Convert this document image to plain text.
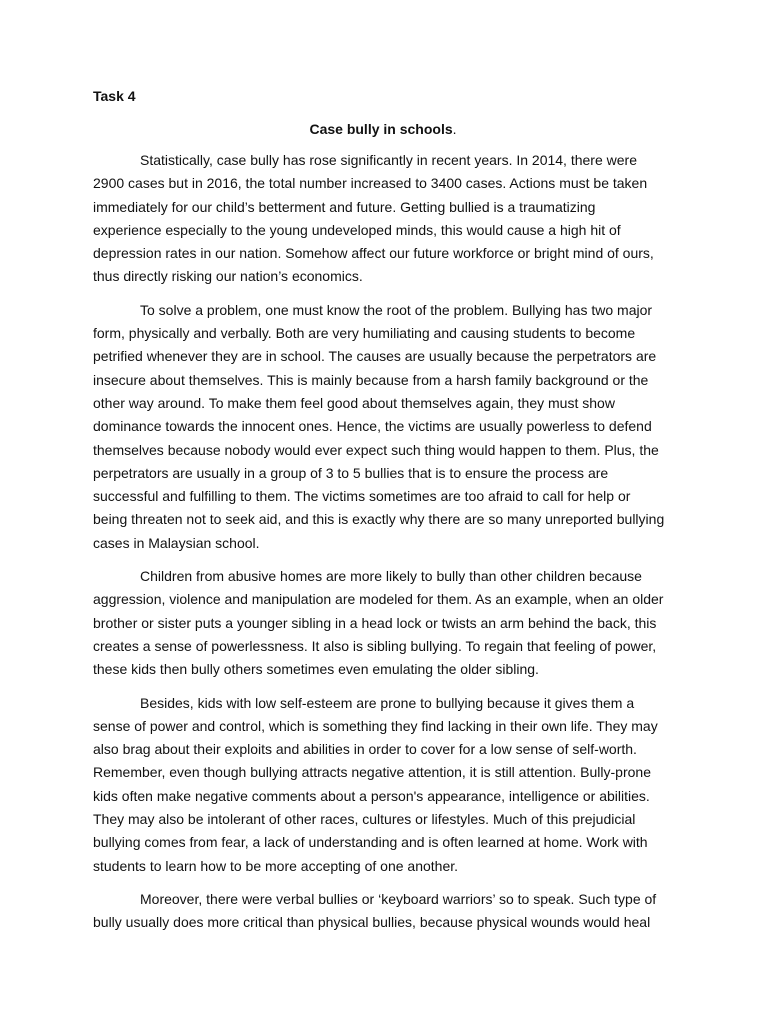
Task 4

Case bully in schools.

Statistically, case bully has rose significantly in recent years. In 2014, there were
2900 cases but in 2016, the total number increased to 3400 cases. Actions must be taken
immediately for our child’s betterment and future. Getting bullied is a traumatizing
experience especially to the young undeveloped minds, this would cause a high hit of
depression rates in our nation. Somehow affect our future workforce or bright mind of ours,
thus directly risking our nation’s economics.

To solve a problem, one must know the root of the problem. Bullying has two major
form, physically and verbally. Both are very humiliating and causing students to become
petrified whenever they are in school. The causes are usually because the perpetrators are
insecure about themselves. This is mainly because from a harsh family background or the
other way around. To make them feel good about themselves again, they must show
dominance towards the innocent ones. Hence, the victims are usually powerless to defend
themselves because nobody would ever expect such thing would happen to them. Plus, the
perpetrators are usually in a group of 3 to 5 bullies that is to ensure the process are
successful and fulfilling to them. The victims sometimes are too afraid to call for help or
being threaten not to seek aid, and this is exactly why there are so many unreported bullying
cases in Malaysian school.

Children from abusive homes are more likely to bully than other children because
aggression, violence and manipulation are modeled for them. As an example, when an older
brother or sister puts a younger sibling in a head lock or twists an arm behind the back, this
creates a sense of powerlessness. It also is sibling bullying. To regain that feeling of power,
these kids then bully others sometimes even emulating the older sibling.

Besides, kids with low self-esteem are prone to bullying because it gives them a
sense of power and control, which is something they find lacking in their own life. They may
also brag about their exploits and abilities in order to cover for a low sense of self-worth.
Remember, even though bullying attracts negative attention, it is still attention. Bully-prone
kids often make negative comments about a person's appearance, intelligence or abilities.
They may also be intolerant of other races, cultures or lifestyles. Much of this prejudicial
bullying comes from fear, a lack of understanding and is often learned at home. Work with
students to learn how to be more accepting of one another.

Moreover, there were verbal bullies or ‘keyboard warriors’ so to speak. Such type of
bully usually does more critical than physical bullies, because physical wounds would heal
